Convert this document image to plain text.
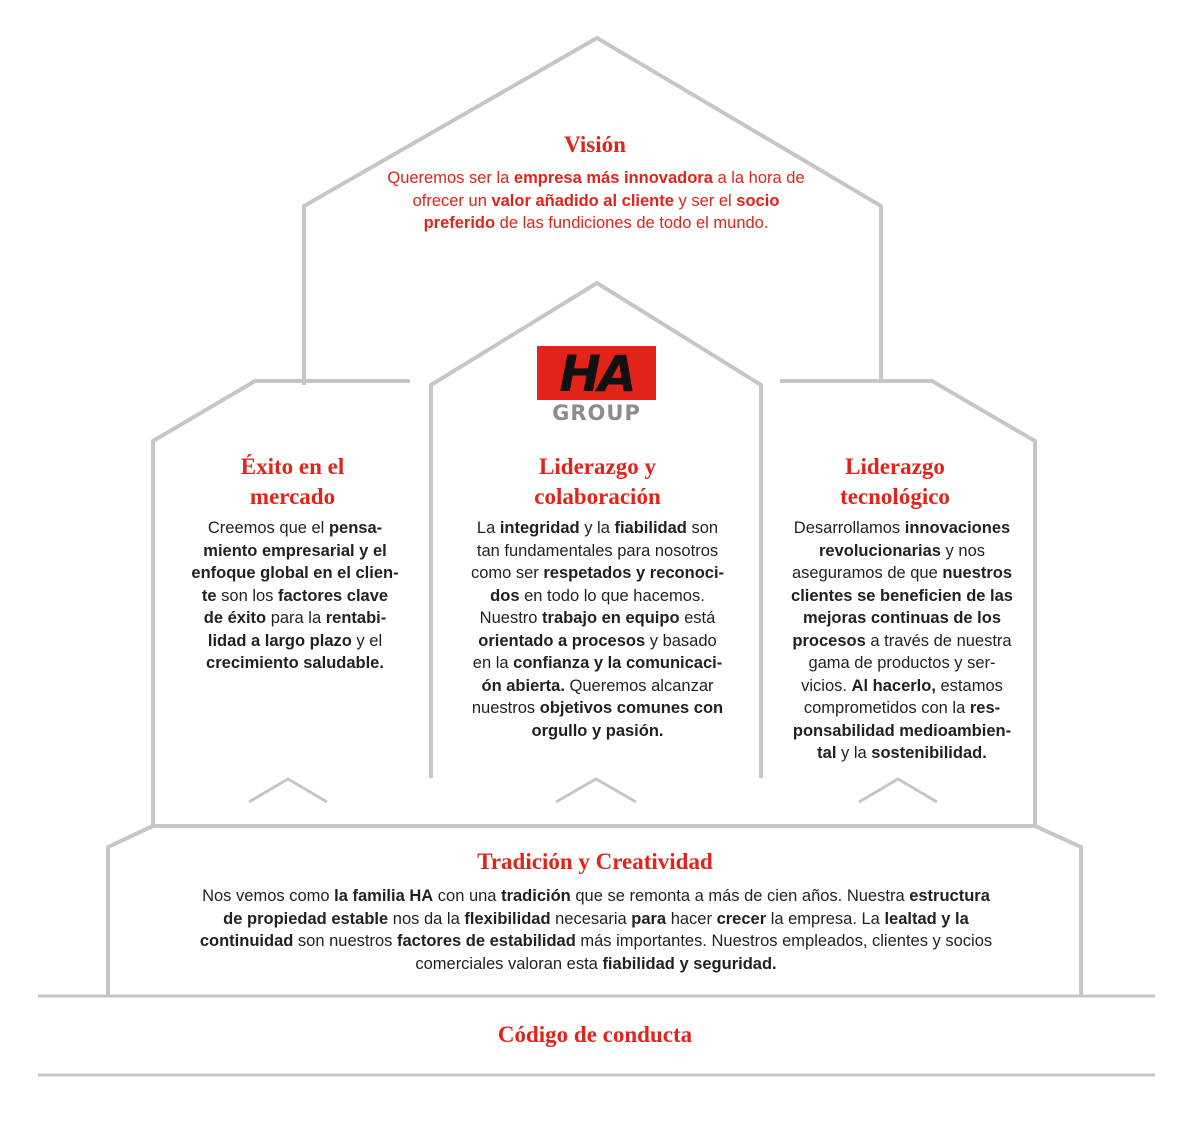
Visión

Queremos ser la empresa más innovadora a la hora de ofrecer un valor añadido al cliente y ser el socio preferido de las fundiciones de todo el mundo.

HA
GROUP
Éxito en el mercado

Creemos que el pensa-
miento empresarial y el
enfoque global en el clien-
te son los factores clave
de éxito para la rentabi-
lidad a largo plazo y el
crecimiento saludable.

Liderazgo y colaboración

La integridad y la fiabilidad son
tan fundamentales para nosotros
como ser respetados y reconoci-
dos en todo lo que hacemos.
Nuestro trabajo en equipo está
orientado a procesos y basado
en la confianza y la comunicaci-
ón abierta. Queremos alcanzar
nuestros objetivos comunes con
orgullo y pasión.

Liderazgo tecnológico

Desarrollamos innovaciones
revolucionarias y nos
aseguramos de que nuestros
clientes se beneficien de las
mejoras continuas de los
procesos a través de nuestra
gama de productos y ser-
vicios. Al hacerlo, estamos
comprometidos con la res-
ponsabilidad medioambien-
tal y la sostenibilidad.

Tradición y Creatividad

Nos vemos como la familia HA con una tradición que se remonta a más de cien años. Nuestra estructura
de propiedad estable nos da la flexibilidad necesaria para hacer crecer la empresa. La lealtad y la
continuidad son nuestros factores de estabilidad más importantes. Nuestros empleados, clientes y socios
comerciales valoran esta fiabilidad y seguridad.

Código de conducta
